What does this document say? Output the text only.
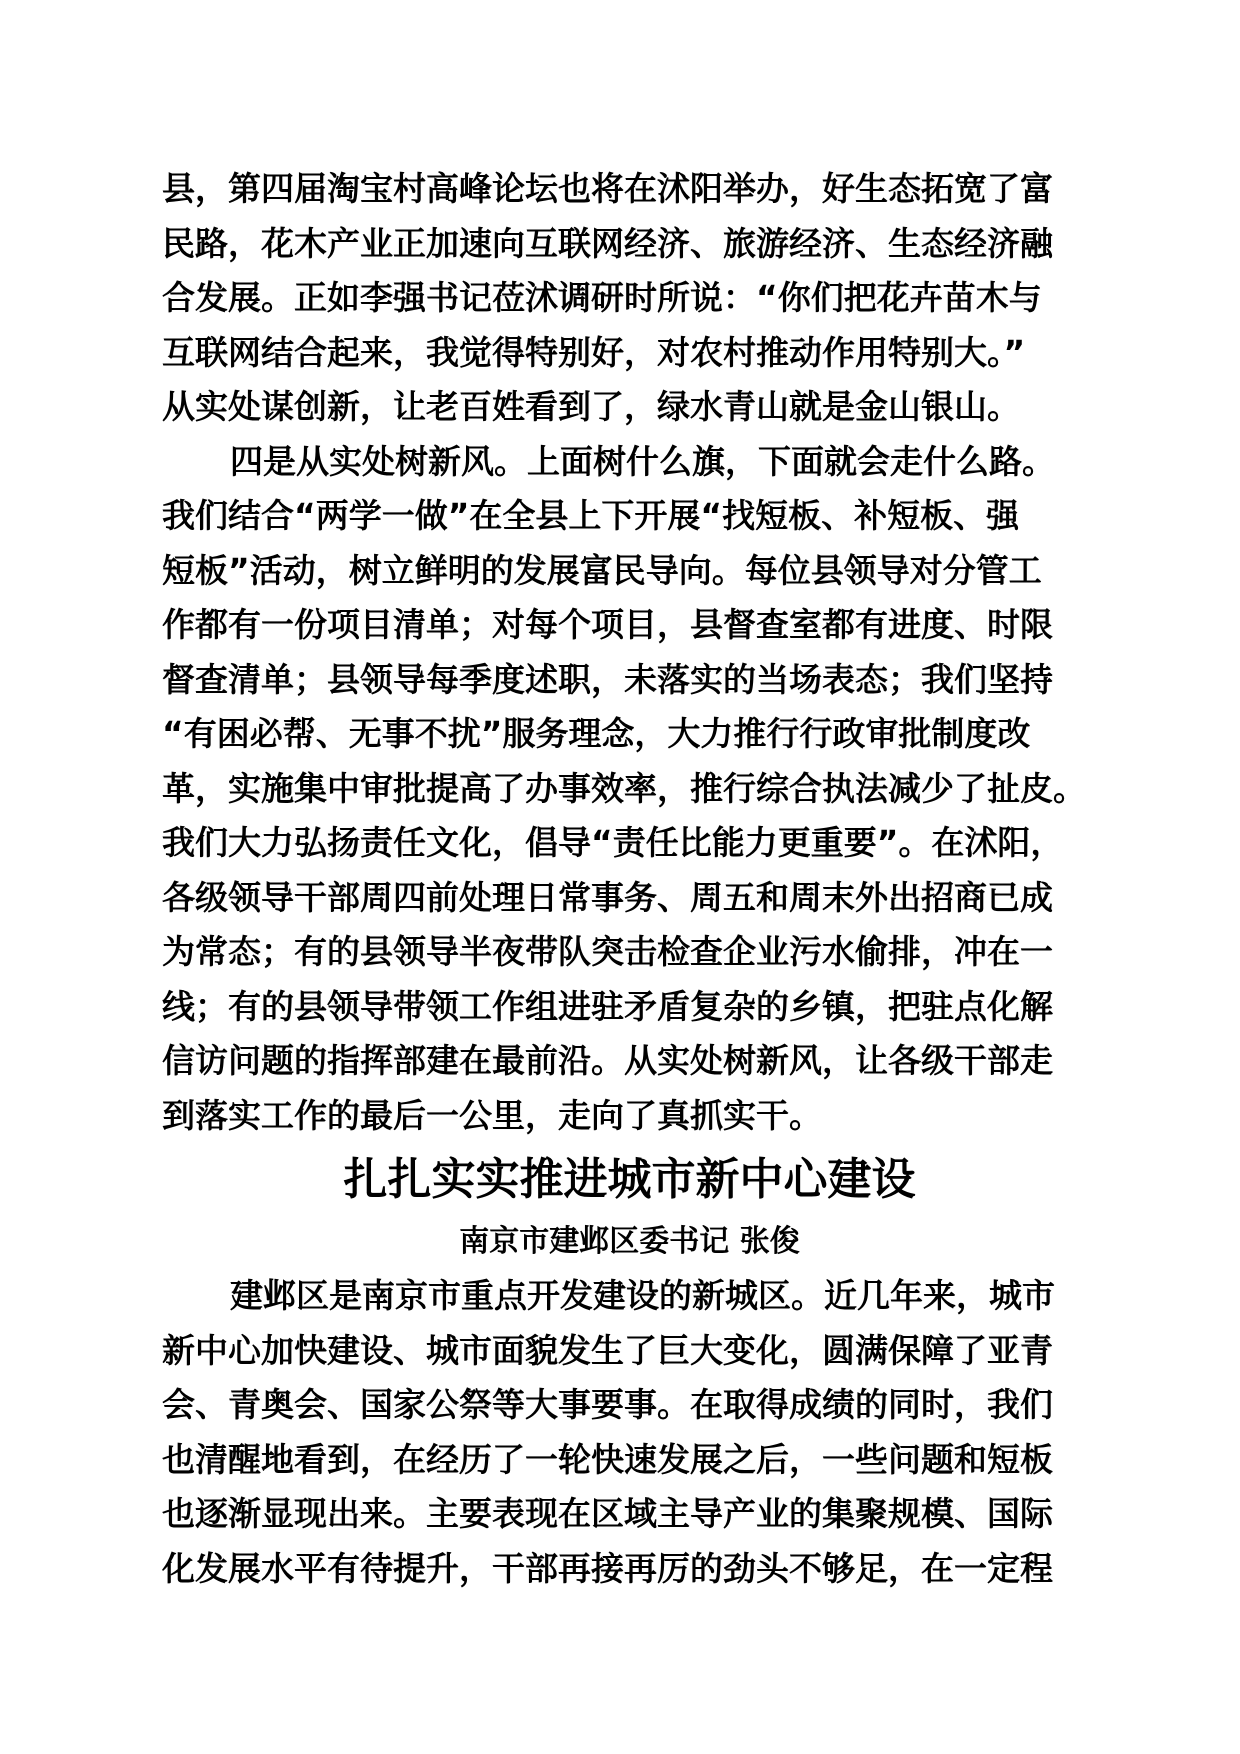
县，第四届淘宝村高峰论坛也将在沭阳举办，好生态拓宽了富
民路，花木产业正加速向互联网经济、旅游经济、生态经济融
合发展。正如李强书记莅沭调研时所说：“你们把花卉苗木与
互联网结合起来，我觉得特别好，对农村推动作用特别大。”
从实处谋创新，让老百姓看到了，绿水青山就是金山银山。
四是从实处树新风。上面树什么旗，下面就会走什么路。
我们结合“两学一做”在全县上下开展“找短板、补短板、强
短板”活动，树立鲜明的发展富民导向。每位县领导对分管工
作都有一份项目清单；对每个项目，县督查室都有进度、时限
督查清单；县领导每季度述职，未落实的当场表态；我们坚持
“有困必帮、无事不扰”服务理念，大力推行行政审批制度改
革，实施集中审批提高了办事效率，推行综合执法减少了扯皮。
我们大力弘扬责任文化，倡导“责任比能力更重要”。在沭阳，
各级领导干部周四前处理日常事务、周五和周末外出招商已成
为常态；有的县领导半夜带队突击检查企业污水偷排，冲在一
线；有的县领导带领工作组进驻矛盾复杂的乡镇，把驻点化解
信访问题的指挥部建在最前沿。从实处树新风，让各级干部走
到落实工作的最后一公里，走向了真抓实干。
扎扎实实推进城市新中心建设
南京市建邺区委书记 张俊
建邺区是南京市重点开发建设的新城区。近几年来，城市
新中心加快建设、城市面貌发生了巨大变化，圆满保障了亚青
会、青奥会、国家公祭等大事要事。在取得成绩的同时，我们
也清醒地看到，在经历了一轮快速发展之后，一些问题和短板
也逐渐显现出来。主要表现在区域主导产业的集聚规模、国际
化发展水平有待提升，干部再接再厉的劲头不够足，在一定程
